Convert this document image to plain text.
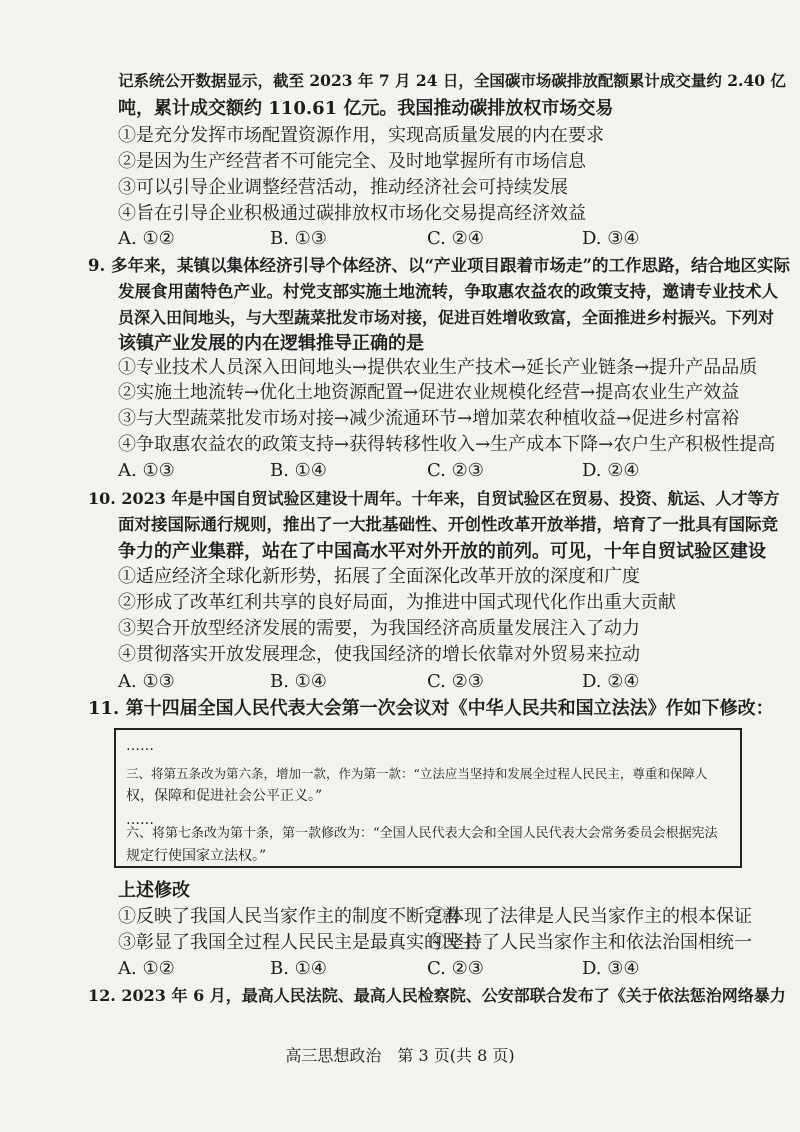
记系统公开数据显示，截至 2023 年 7 月 24 日，全国碳市场碳排放配额累计成交量约 2.40 亿
吨，累计成交额约 110.61 亿元。我国推动碳排放权市场交易
①是充分发挥市场配置资源作用，实现高质量发展的内在要求
②是因为生产经营者不可能完全、及时地掌握所有市场信息
③可以引导企业调整经营活动，推动经济社会可持续发展
④旨在引导企业积极通过碳排放权市场化交易提高经济效益
A. ①②	B. ①③	C. ②④	D. ③④
9. 多年来，某镇以集体经济引导个体经济、以“产业项目跟着市场走”的工作思路，结合地区实际
发展食用菌特色产业。村党支部实施土地流转，争取惠农益农的政策支持，邀请专业技术人
员深入田间地头，与大型蔬菜批发市场对接，促进百姓增收致富，全面推进乡村振兴。下列对
该镇产业发展的内在逻辑推导正确的是
①专业技术人员深入田间地头→提供农业生产技术→延长产业链条→提升产品品质
②实施土地流转→优化土地资源配置→促进农业规模化经营→提高农业生产效益
③与大型蔬菜批发市场对接→减少流通环节→增加菜农种植收益→促进乡村富裕
④争取惠农益农的政策支持→获得转移性收入→生产成本下降→农户生产积极性提高
A. ①③	B. ①④	C. ②③	D. ②④
10. 2023 年是中国自贸试验区建设十周年。十年来，自贸试验区在贸易、投资、航运、人才等方
面对接国际通行规则，推出了一大批基础性、开创性改革开放举措，培育了一批具有国际竞
争力的产业集群，站在了中国高水平对外开放的前列。可见，十年自贸试验区建设
①适应经济全球化新形势，拓展了全面深化改革开放的深度和广度
②形成了改革红利共享的良好局面，为推进中国式现代化作出重大贡献
③契合开放型经济发展的需要，为我国经济高质量发展注入了动力
④贯彻落实开放发展理念，使我国经济的增长依靠对外贸易来拉动
A. ①③	B. ①④	C. ②③	D. ②④
11. 第十四届全国人民代表大会第一次会议对《中华人民共和国立法法》作如下修改：
……
三、将第五条改为第六条，增加一款，作为第一款：“立法应当坚持和发展全过程人民民主，尊重和保障人
权，保障和促进社会公平正义。”
……
六、将第七条改为第十条，第一款修改为：“全国人民代表大会和全国人民代表大会常务委员会根据宪法
规定行使国家立法权。”
上述修改
①反映了我国人民当家作主的制度不断完善
②体现了法律是人民当家作主的根本保证
③彰显了我国全过程人民民主是最真实的民主
④坚持了人民当家作主和依法治国相统一
A. ①②	B. ①④	C. ②③	D. ③④
12. 2023 年 6 月，最高人民法院、最高人民检察院、公安部联合发布了《关于依法惩治网络暴力
高三思想政治　第 3 页(共 8 页)
